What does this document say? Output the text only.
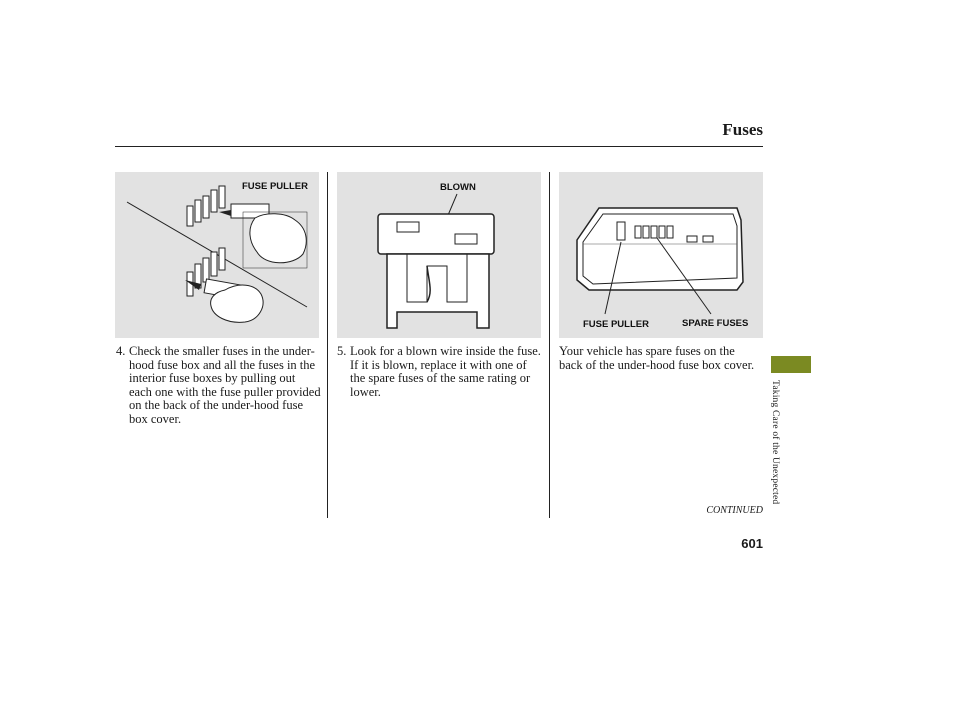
Fuses
FUSE PULLER	BLOWN
FUSE PULLER	SPARE FUSES
4. Check the smaller fuses in the under-hood fuse box and all the fuses in the interior fuse boxes by pulling out each one with the fuse puller provided on the back of the under-hood fuse box cover.
5. Look for a blown wire inside the fuse. If it is blown, replace it with one of the spare fuses of the same rating or lower.
Your vehicle has spare fuses on the back of the under-hood fuse box cover.
CONTINUED
601
Taking Care of the Unexpected
